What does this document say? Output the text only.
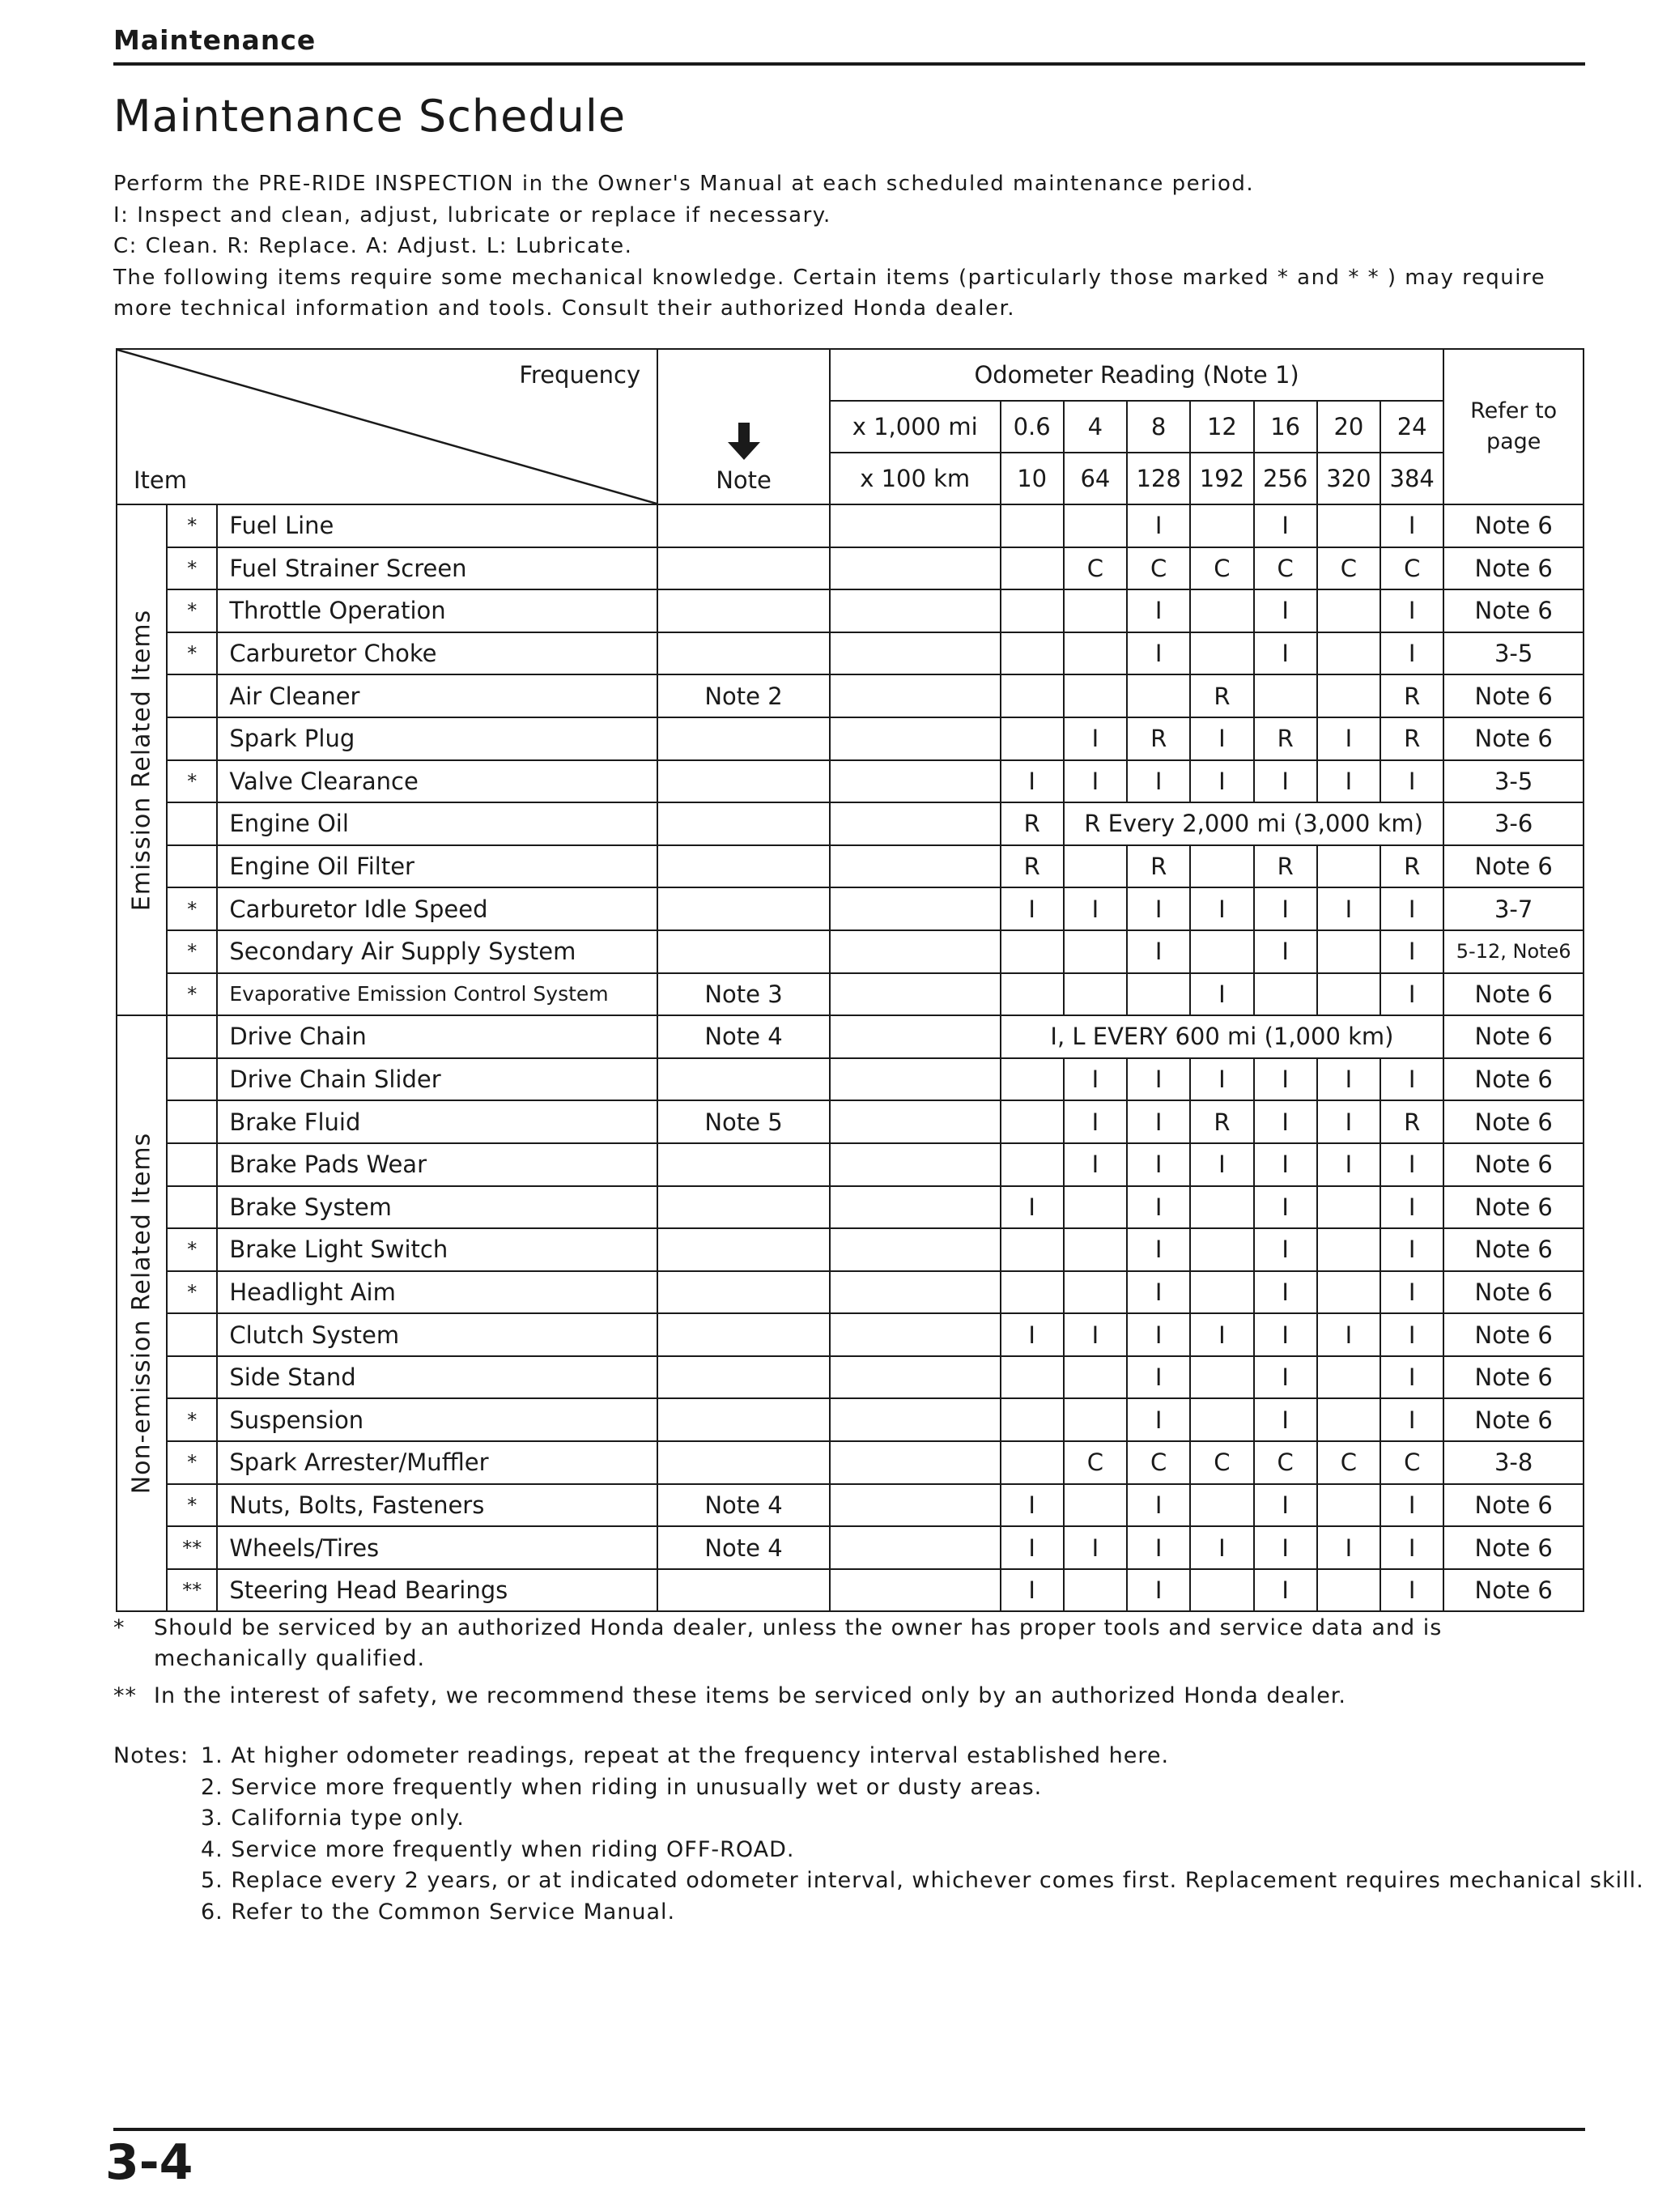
Maintenance
Maintenance Schedule
Perform the PRE-RIDE INSPECTION in the Owner's Manual at each scheduled maintenance period.
I: Inspect and clean, adjust, lubricate or replace if necessary.
C: Clean. R: Replace. A: Adjust. L: Lubricate.
The following items require some mechanical knowledge. Certain items (particularly those marked * and * * ) may require
more technical information and tools. Consult their authorized Honda dealer.
Frequency
Item			Note	Odometer Reading (Note 1)								Refer to page
				x 1,000 mi	0.6	4	8	12	16	20	24	
				x 100 km	10	64	128	192	256	320	384	

Emission Related Items	*	Fuel Line					I		I		I	Note 6
	*	Fuel Strainer Screen				C	C	C	C	C	C	Note 6
	*	Throttle Operation					I		I		I	Note 6
	*	Carburetor Choke					I		I		I	3-5
		Air Cleaner	Note 2					R			R	Note 6
		Spark Plug				I	R	I	R	I	R	Note 6
	*	Valve Clearance			I	I	I	I	I	I	I	3-5
		Engine Oil			R	R Every 2,000 mi (3,000 km)						3-6
		Engine Oil Filter			R		R		R		R	Note 6
	*	Carburetor Idle Speed			I	I	I	I	I	I	I	3-7
	*	Secondary Air Supply System					I		I		I	5-12, Note6
	*	Evaporative Emission Control System	Note 3					I			I	Note 6

Non-emission Related Items		Drive Chain	Note 4		I, L EVERY 600 mi (1,000 km)							Note 6
		Drive Chain Slider				I	I	I	I	I	I	Note 6
		Brake Fluid	Note 5			I	I	R	I	I	R	Note 6
		Brake Pads Wear				I	I	I	I	I	I	Note 6
		Brake System			I		I		I		I	Note 6
	*	Brake Light Switch					I		I		I	Note 6
	*	Headlight Aim					I		I		I	Note 6
		Clutch System			I	I	I	I	I	I	I	Note 6
		Side Stand					I		I		I	Note 6
	*	Suspension					I		I		I	Note 6
	*	Spark Arrester/Muffler				C	C	C	C	C	C	3-8
	*	Nuts, Bolts, Fasteners	Note 4		I		I		I		I	Note 6
	**	Wheels/Tires	Note 4		I	I	I	I	I	I	I	Note 6
	**	Steering Head Bearings			I		I		I		I	Note 6
* Should be serviced by an authorized Honda dealer, unless the owner has proper tools and service data and is mechanically qualified.
** In the interest of safety, we recommend these items be serviced only by an authorized Honda dealer.
Notes: 1. At higher odometer readings, repeat at the frequency interval established here.
2. Service more frequently when riding in unusually wet or dusty areas.
3. California type only.
4. Service more frequently when riding OFF-ROAD.
5. Replace every 2 years, or at indicated odometer interval, whichever comes first. Replacement requires mechanical skill.
6. Refer to the Common Service Manual.
3-4
